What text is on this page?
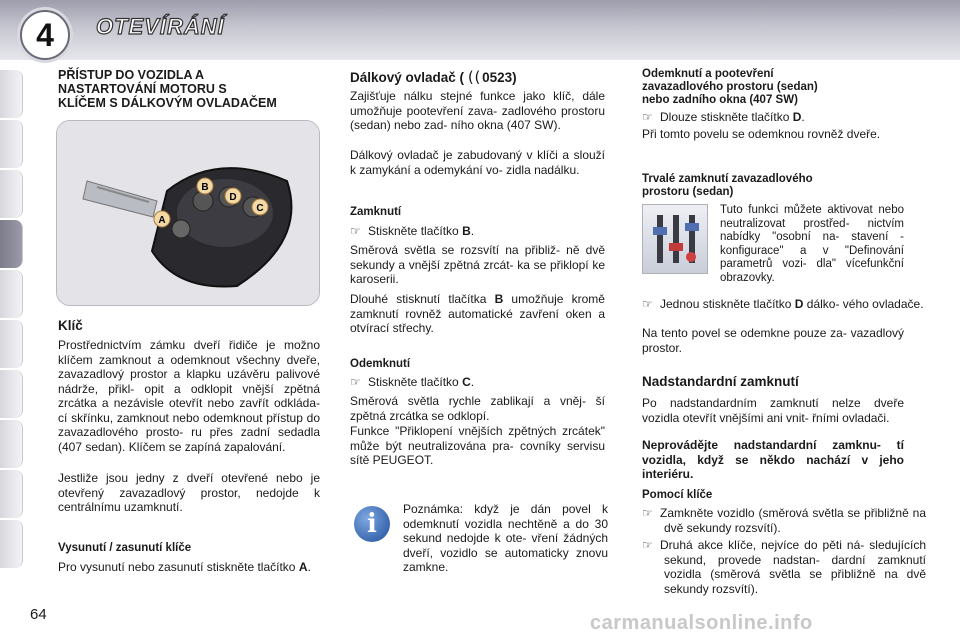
4	OTEVÍRÁNÍ
PŘÍSTUP DO VOZIDLA A
NASTARTOVÁNÍ MOTORU S
KLÍČEM S DÁLKOVÝM OVLADAČEM
B
D
C
A
Klíč

Prostřednictvím zámku dveří řidiče je možno klíčem zamknout a odemknout všechny dveře, zavazadlový prostor a klapku uzávěru palivové nádrže, přikl- opit a odklopit vnější zpětná zrcátka a nezávisle otevřít nebo zavřít odkláda- cí skřínku, zamknout nebo odemknout přístup do zavazadlového prosto- ru přes zadní sedadla (407 sedan). Klíčem se zapíná zapalování.

Jestliže jsou jedny z dveří otevřené nebo je otevřený zavazadlový prostor, nedojde k centrálnímu uzamknutí.

Vysunutí / zasunutí klíče

Pro vysunutí nebo zasunutí stiskněte tlačítko A.

64
Dálkový ovladač ( ( ( 0523)

Zajišťuje nálku stejné funkce jako klíč, dále umožňuje pootevření zava- zadlového prostoru (sedan) nebo zad- ního okna (407 SW).

Dálkový ovladač je zabudovaný v klíči a slouží k zamykání a odemykání vo- zidla nadálku.

Zamknutí
☞ Stiskněte tlačítko B.

Směrová světla se rozsvítí na přibliž- ně dvě sekundy a vnější zpětná zrcát- ka se přiklopí ke karoserii.

Dlouhé stisknutí tlačítka B umožňuje kromě zamknutí rovněž automatické zavření oken a otvírací střechy.

Odemknutí
☞ Stiskněte tlačítko C.

Směrová světla rychle zablikají a vněj- ší zpětná zrcátka se odklopí.

Funkce "Přiklopení vnějších zpětných zrcátek" může být neutralizována pra- covníky servisu sítě PEUGEOT.

i	Poznámka: když je dán povel k odemknutí vozidla nechtěně a do 30 sekund nedojde k ote- vření žádných dveří, vozidlo se automaticky znovu zamkne.

Odemknutí a pootevření
zavazadlového prostoru (sedan)
nebo zadního okna (407 SW)
☞ Dlouze stiskněte tlačítko D.

Při tomto povelu se odemknou rovněž dveře.

Trvalé zamknutí zavazadlového
prostoru (sedan)

Tuto funkci můžete aktivovat nebo neutralizovat prostřed- nictvím nabídky "osobní na- stavení - konfigurace" a v "Definování parametrů vozi- dla" vícefunkční obrazovky.

☞ Jednou stiskněte tlačítko D dálko- vého ovladače.

Na tento povel se odemkne pouze za- vazadlový prostor.

Nadstandardní zamknutí

Po nadstandardním zamknutí nelze dveře vozidla otevřít vnějšími ani vnit- řními ovladači.

Neprovádějte nadstandardní zamknu- tí vozidla, když se někdo nachází v jeho interiéru.

Pomocí klíče
☞ Zamkněte vozidlo (směrová světla se přibližně na dvě sekundy rozsvítí).
☞ Druhá akce klíče, nejvíce do pěti ná- sledujících sekund, provede nadstan- dardní zamknutí vozidla (směrová světla se přibližně na dvě sekundy rozsvítí).
carmanualsonline.info
